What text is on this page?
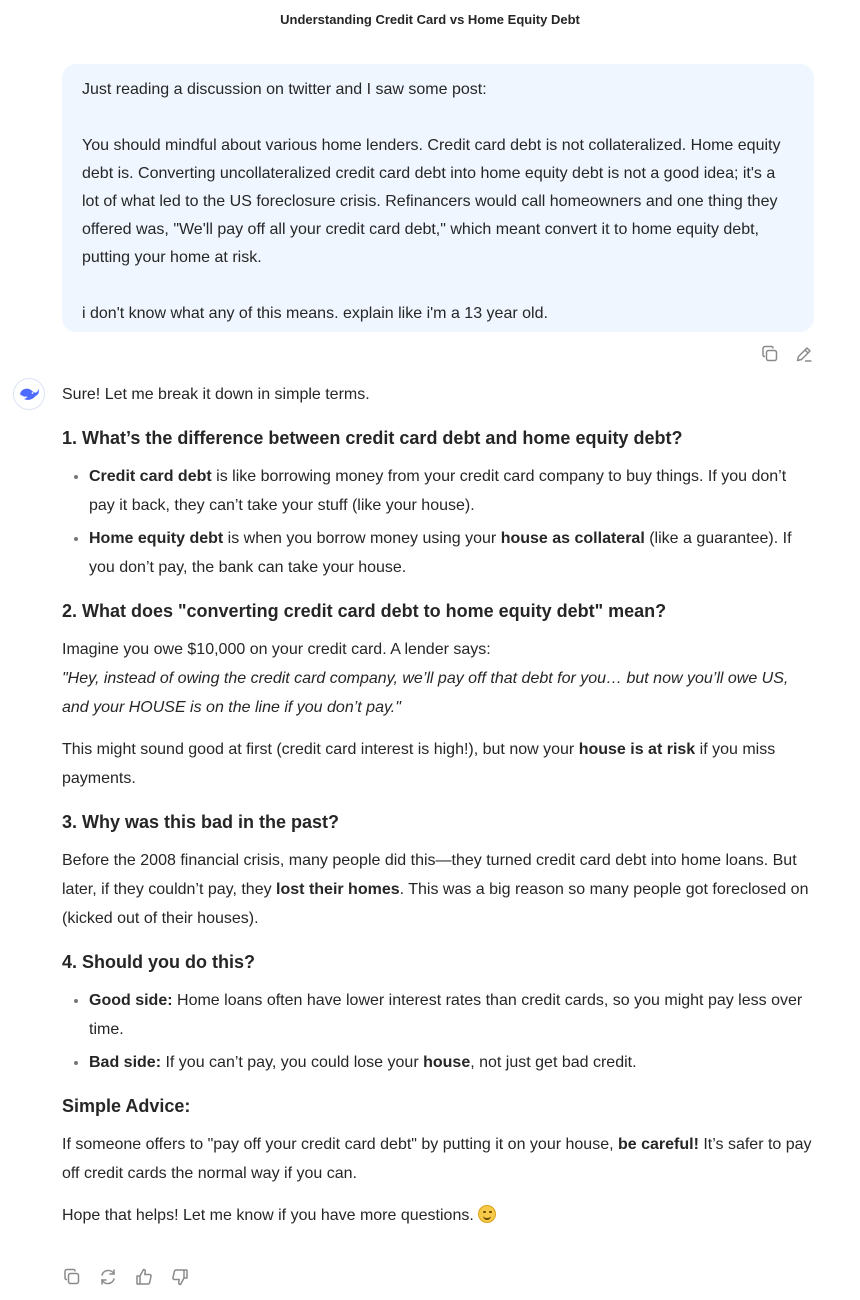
Understanding Credit Card vs Home Equity Debt

Just reading a discussion on twitter and I saw some post:

You should mindful about various home lenders. Credit card debt is not collateralized. Home equity debt is. Converting uncollateralized credit card debt into home equity debt is not a good idea; it's a lot of what led to the US foreclosure crisis. Refinancers would call homeowners and one thing they offered was, "We'll pay off all your credit card debt," which meant convert it to home equity debt, putting your home at risk.

i don't know what any of this means. explain like i'm a 13 year old.

Sure! Let me break it down in simple terms.

1. What’s the difference between credit card debt and home equity debt?
• Credit card debt is like borrowing money from your credit card company to buy things. If you don’t pay it back, they can’t take your stuff (like your house).
• Home equity debt is when you borrow money using your house as collateral (like a guarantee). If you don’t pay, the bank can take your house.
2. What does "converting credit card debt to home equity debt" mean?

Imagine you owe $10,000 on your credit card. A lender says:
"Hey, instead of owing the credit card company, we’ll pay off that debt for you… but now you’ll owe US, and your HOUSE is on the line if you don’t pay."

This might sound good at first (credit card interest is high!), but now your house is at risk if you miss payments.

3. Why was this bad in the past?

Before the 2008 financial crisis, many people did this—they turned credit card debt into home loans. But later, if they couldn’t pay, they lost their homes. This was a big reason so many people got foreclosed on (kicked out of their houses).

4. Should you do this?
• Good side: Home loans often have lower interest rates than credit cards, so you might pay less over time.
• Bad side: If you can’t pay, you could lose your house, not just get bad credit.
Simple Advice:

If someone offers to "pay off your credit card debt" by putting it on your house, be careful! It’s safer to pay off credit cards the normal way if you can.

Hope that helps! Let me know if you have more questions.
